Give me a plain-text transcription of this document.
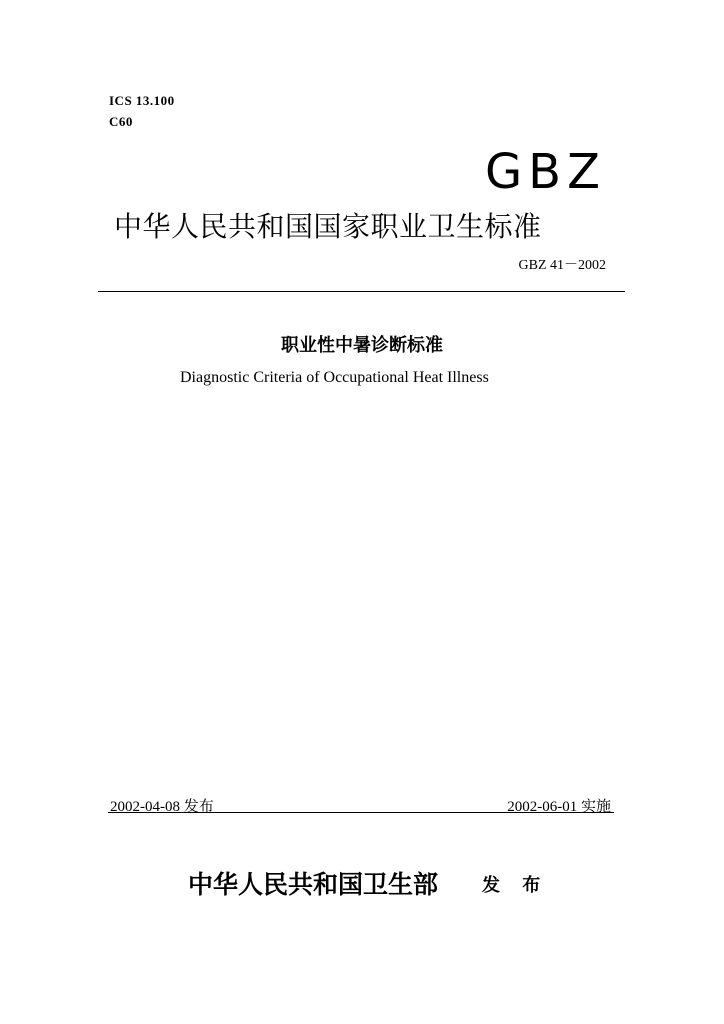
ICS 13.100
C60
GBZ
中华人民共和国国家职业卫生标准
GBZ 41－2002
职业性中暑诊断标准
Diagnostic Criteria of Occupational Heat Illness
2002-04-08 发布	2002-06-01 实施
中华人民共和国卫生部 发 布
